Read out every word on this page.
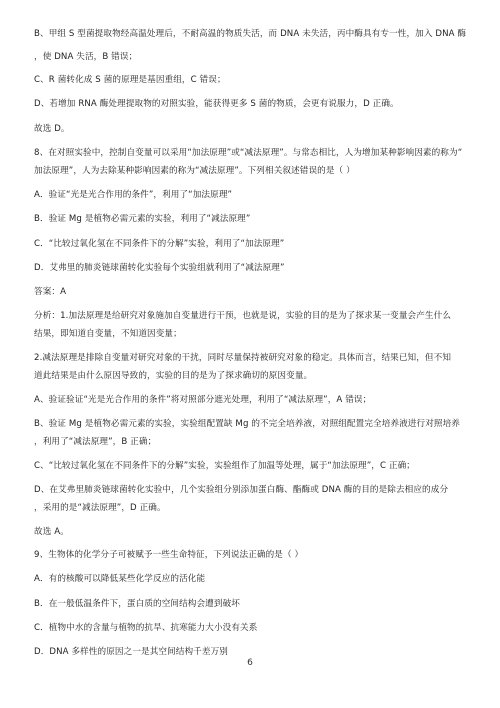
B、甲组 S 型菌提取物经高温处理后，不耐高温的物质失活，而 DNA 未失活，丙中酶具有专一性，加入 DNA 酶
，使 DNA 失活，B 错误；
C、R 菌转化成 S 菌的原理是基因重组，C 错误；
D、若增加 RNA 酶处理提取物的对照实验，能获得更多 S 菌的物质，会更有说服力，D 正确。
故选 D。
8、在对照实验中，控制自变量可以采用“加法原理”或“减法原理”。与常态相比，人为增加某种影响因素的称为“
加法原理”，人为去除某种影响因素的称为“减法原理”。下列相关叙述错误的是（ ）
A．验证“光是光合作用的条件”，利用了“加法原理”
B．验证 Mg 是植物必需元素的实验，利用了“减法原理”
C．“比较过氧化氢在不同条件下的分解”实验，利用了“加法原理”
D．艾弗里的肺炎链球菌转化实验每个实验组就利用了“减法原理”
答案：A
分析：1.加法原理是给研究对象施加自变量进行干预，也就是说，实验的目的是为了探求某一变量会产生什么
结果，即知道自变量，不知道因变量；
2.减法原理是排除自变量对研究对象的干扰，同时尽量保持被研究对象的稳定。具体而言，结果已知，但不知
道此结果是由什么原因导致的，实验的目的是为了探求确切的原因变量。
A、验证验证“光是光合作用的条件”将对照部分遮光处理，利用了“减法原理”，A 错误；
B、验证 Mg 是植物必需元素的实验，实验组配置缺 Mg 的不完全培养液，对照组配置完全培养液进行对照培养
，利用了“减法原理”，B 正确；
C、“比较过氧化氢在不同条件下的分解”实验，实验组作了加温等处理，属于“加法原理”，C 正确；
D、在艾弗里肺炎链球菌转化实验中，几个实验组分别添加蛋白酶、酯酶或 DNA 酶的目的是除去相应的成分
，采用的是“减法原理”，D 正确。
故选 A。
9、生物体的化学分子可被赋予一些生命特征，下列说法正确的是（ ）
A．有的核酸可以降低某些化学反应的活化能
B．在一般低温条件下，蛋白质的空间结构会遭到破坏
C．植物中水的含量与植物的抗旱、抗寒能力大小没有关系
D．DNA 多样性的原因之一是其空间结构千差万别
6
